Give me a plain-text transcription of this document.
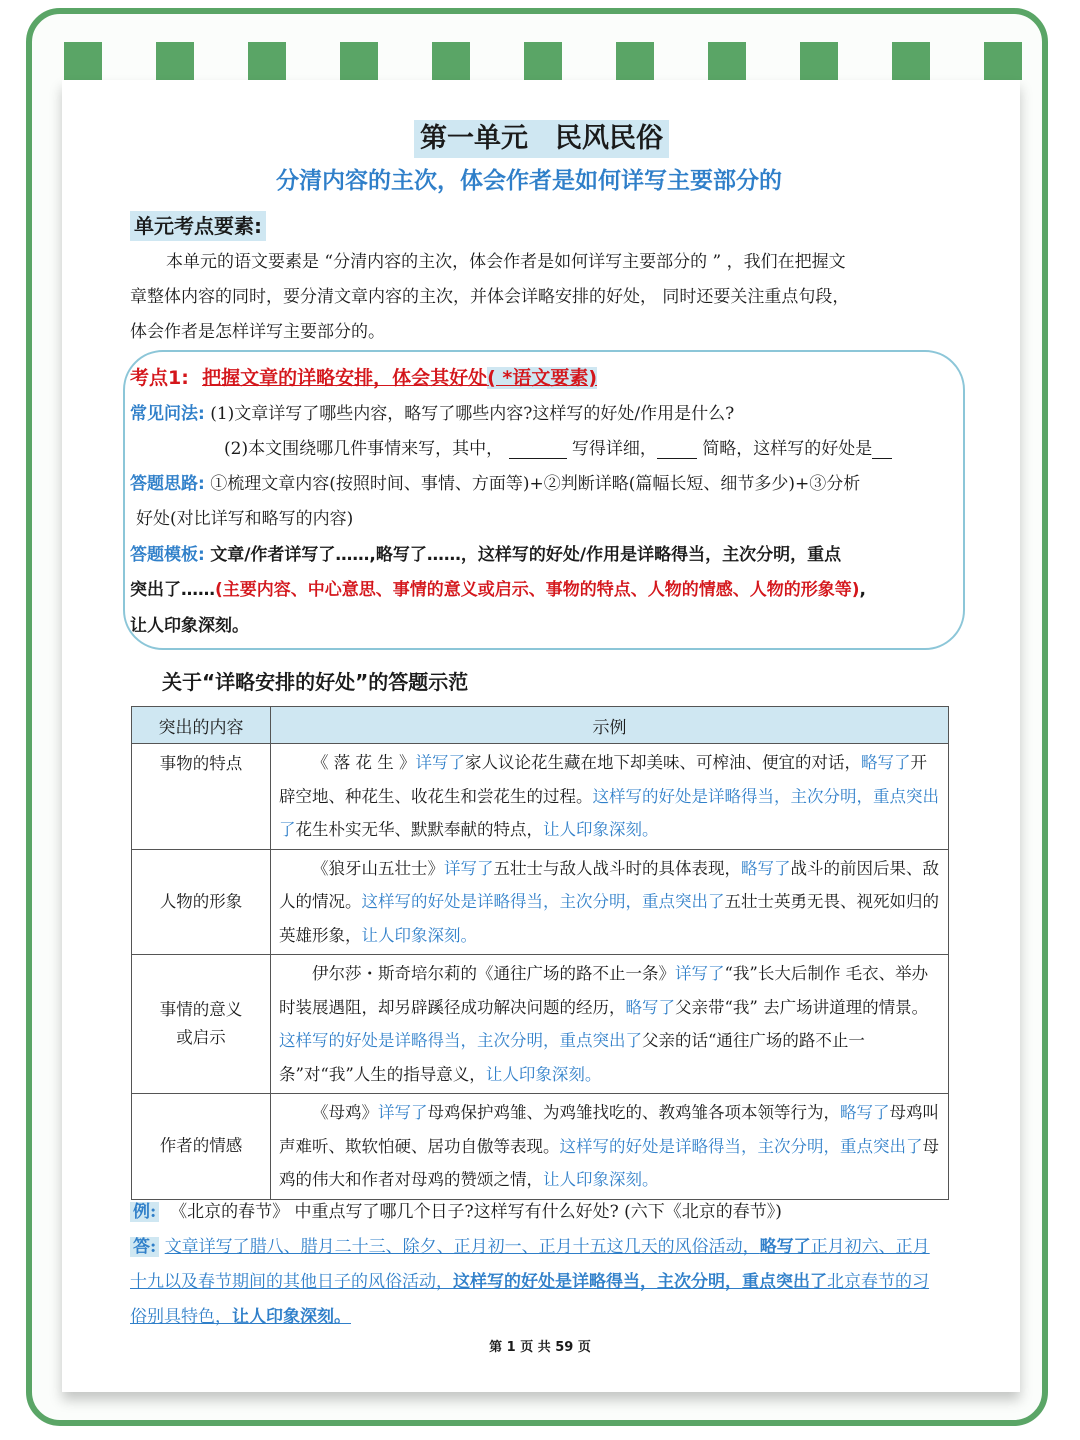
第一单元　民风民俗
分清内容的主次，体会作者是如何详写主要部分的
单元考点要素:
本单元的语文要素是 “分清内容的主次，体会作者是如何详写主要部分的 ” ，我们在把握文
章整体内容的同时，要分清文章内容的主次，并体会详略安排的好处， 同时还要关注重点句段，
体会作者是怎样详写主要部分的。
考点1: 把握文章的详略安排，体会其好处( *语文要素)
常见问法: (1)文章详写了哪些内容，略写了哪些内容?这样写的好处/作用是什么?
(2)本文围绕哪几件事情来写，其中，	写得详细，	简略，这样写的好处是
答题思路: ①梳理文章内容(按照时间、事情、方面等)+②判断详略(篇幅长短、细节多少)+③分析
好处(对比详写和略写的内容)
答题模板: 文章/作者详写了……,略写了……，这样写的好处/作用是详略得当，主次分明，重点
突出了……(主要内容、中心意思、事情的意义或启示、事物的特点、人物的情感、人物的形象等),
让人印象深刻。
关于“详略安排的好处”的答题示范
突出的内容	示例
事物的特点	《 落 花 生 》详写了家人议论花生藏在地下却美味、可榨油、便宜的对话，略写了开辟空地、种花生、收花生和尝花生的过程。这样写的好处是详略得当，主次分明，重点突出了花生朴实无华、默默奉献的特点，让人印象深刻。
人物的形象	《狼牙山五壮士》详写了五壮士与敌人战斗时的具体表现，略写了战斗的前因后果、敌人的情况。这样写的好处是详略得当，主次分明，重点突出了五壮士英勇无畏、视死如归的英雄形象，让人印象深刻。
事情的意义
或启示	伊尔莎・斯奇培尔莉的《通往广场的路不止一条》详写了“我”长大后制作 毛衣、举办时装展遇阻，却另辟蹊径成功解决问题的经历，略写了父亲带“我” 去广场讲道理的情景。这样写的好处是详略得当，主次分明，重点突出了父亲的话“通往广场的路不止一条”对“我”人生的指导意义，让人印象深刻。
作者的情感	《母鸡》详写了母鸡保护鸡雏、为鸡雏找吃的、教鸡雏各项本领等行为，略写了母鸡叫声难听、欺软怕硬、居功自傲等表现。这样写的好处是详略得当，主次分明，重点突出了母鸡的伟大和作者对母鸡的赞颂之情，让人印象深刻。
例: 《北京的春节》 中重点写了哪几个日子?这样写有什么好处? (六下《北京的春节》)
答: 文章详写了腊八、腊月二十三、除夕、正月初一、正月十五这几天的风俗活动，略写了正月初六、正月十九以及春节期间的其他日子的风俗活动，这样写的好处是详略得当，主次分明，重点突出了北京春节的习俗别具特色，让人印象深刻。
第 1 页 共 59 页
